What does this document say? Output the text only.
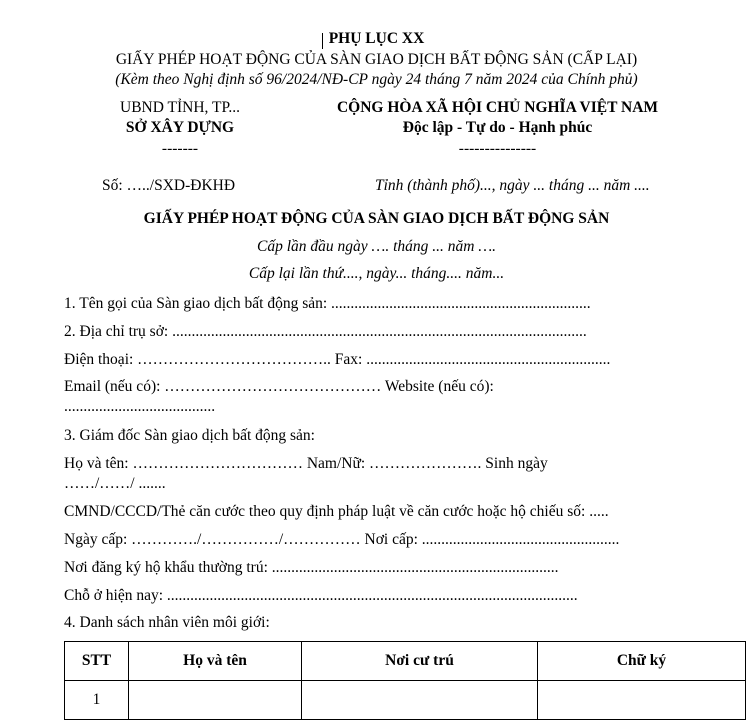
PHỤ LỤC XX
GIẤY PHÉP HOẠT ĐỘNG CỦA SÀN GIAO DỊCH BẤT ĐỘNG SẢN (CẤP LẠI)
(Kèm theo Nghị định số 96/2024/NĐ-CP ngày 24 tháng 7 năm 2024 của Chính phủ)
UBND TỈNH, TP...
SỞ XÂY DỰNG
-------
Số: …../SXD-ĐKHĐ
CỘNG HÒA XÃ HỘI CHỦ NGHĨA VIỆT NAM
Độc lập - Tự do - Hạnh phúc
---------------
Tỉnh (thành phố)..., ngày ... tháng ... năm ....
GIẤY PHÉP HOẠT ĐỘNG CỦA SÀN GIAO DỊCH BẤT ĐỘNG SẢN
Cấp lần đầu ngày …. tháng ... năm ….
Cấp lại lần thứ...., ngày... tháng.... năm...
1. Tên gọi của Sàn giao dịch bất động sản: ...................................................................
2. Địa chỉ trụ sở: ...........................................................................................................
Điện thoại: ……………………………….. Fax: ...............................................................
Email (nếu có): …………………………………… Website (nếu có):
.......................................
3. Giám đốc Sàn giao dịch bất động sản:
Họ và tên: …………………………… Nam/Nữ: …………………. Sinh ngày
……/……/ .......
CMND/CCCD/Thẻ căn cước theo quy định pháp luật về căn cước hoặc hộ chiếu số: .....
Ngày cấp: …………./……………/…………… Nơi cấp: ...................................................
Nơi đăng ký hộ khẩu thường trú: ..........................................................................
Chỗ ở hiện nay: ..........................................................................................................
4. Danh sách nhân viên môi giới:
STT	Họ và tên	Nơi cư trú	Chữ ký
1			
